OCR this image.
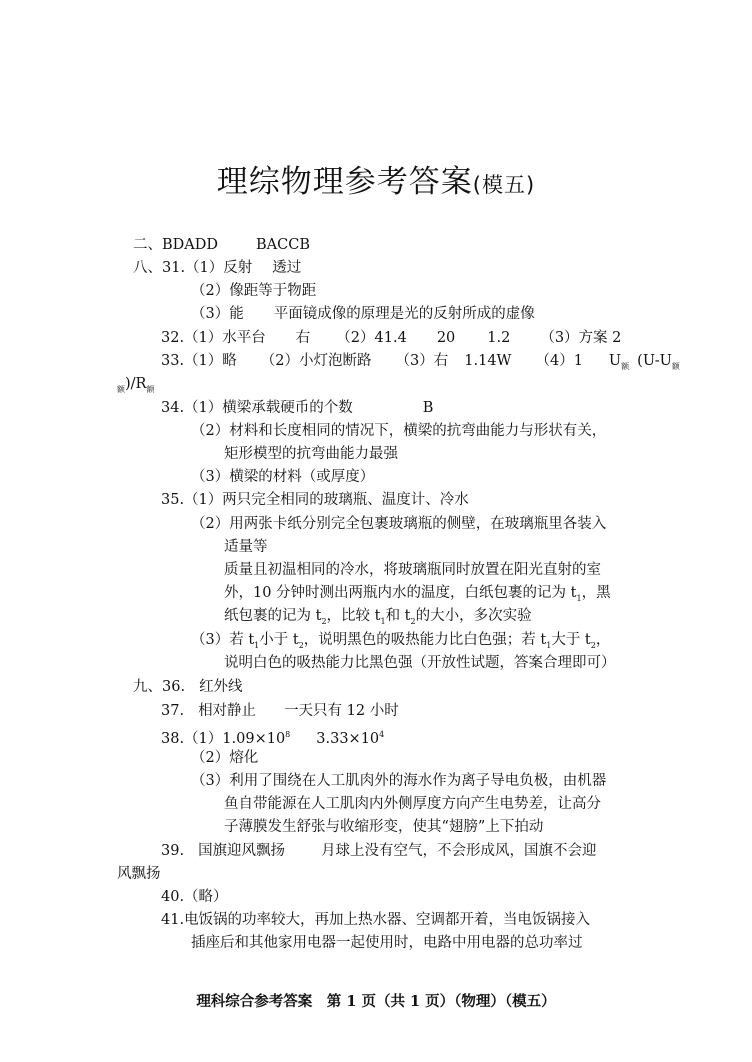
理综物理参考答案(模五)
二、BDADD	BACCB
八、31.（1）反射 透过
（2）像距等于物距
（3）能 平面镜成像的原理是光的反射所成的虚像
32.（1）水平台 右 （2）41.4 20 1.2 （3）方案 2
33.（1）略 （2）小灯泡断路 （3）右 1.14W （4）1 $U_额$ ($U-U_额$
$_额)/R_额$
34.（1）横梁承载硬币的个数	B
（2）材料和长度相同的情况下，横梁的抗弯曲能力与形状有关，
矩形模型的抗弯曲能力最强
（3）横梁的材料（或厚度）
35.（1）两只完全相同的玻璃瓶、温度计、冷水
（2）用两张卡纸分别完全包裹玻璃瓶的侧壁，在玻璃瓶里各装入
适量等
质量且初温相同的冷水，将玻璃瓶同时放置在阳光直射的室
外，10 分钟时测出两瓶内水的温度，白纸包裹的记为 $t_1$，黑
纸包裹的记为 $t_2$，比较 $t_1$和 $t_2$的大小，多次实验
（3）若 $t_1$小于 $t_2$，说明黑色的吸热能力比白色强；若 $t_1$大于 $t_2$，
说明白色的吸热能力比黑色强（开放性试题，答案合理即可）
九、36. 红外线
37. 相对静止 一天只有 12 小时
$38.(1)1.09\times 10^8$ $3.33\times 10^4$
（2）熔化
（3）利用了围绕在人工肌肉外的海水作为离子导电负极，由机器
鱼自带能源在人工肌肉内外侧厚度方向产生电势差，让高分
子薄膜发生舒张与收缩形变，使其“翅膀”上下拍动
39. 国旗迎风飘扬 月球上没有空气，不会形成风，国旗不会迎
风飘扬
40.（略）
41.电饭锅的功率较大，再加上热水器、空调都开着，当电饭锅接入
插座后和其他家用电器一起使用时，电路中用电器的总功率过
理科综合参考答案　第 1 页（共 1 页）（物理）（模五）
